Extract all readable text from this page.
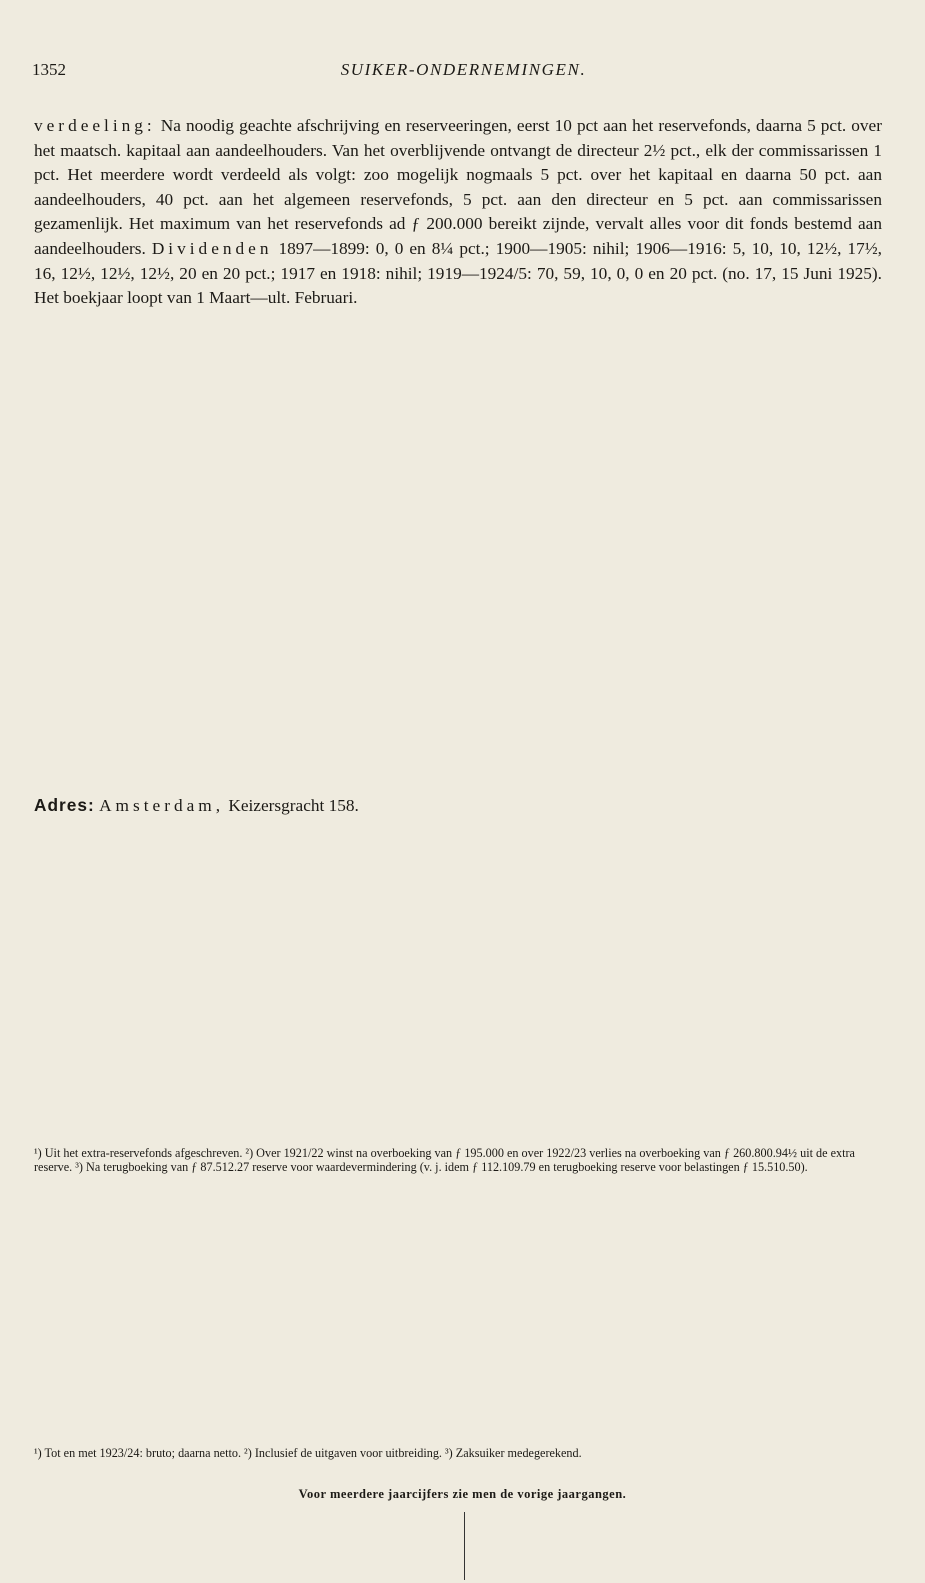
1352	SUIKER-ONDERNEMINGEN.
verdeeling: Na noodig geachte afschrijving en reserveeringen, eerst 10 pct aan het reservefonds, daarna 5 pct. over het maatsch. kapitaal aan aandeelhouders. Van het overblijvende ontvangt de directeur 2½ pct., elk der commissarissen 1 pct. Het meerdere wordt verdeeld als volgt: zoo mogelijk nogmaals 5 pct. over het kapitaal en daarna 50 pct. aan aandeelhouders, 40 pct. aan het algemeen reservefonds, 5 pct. aan den directeur en 5 pct. aan commissarissen gezamenlijk. Het maximum van het reservefonds ad ƒ 200.000 bereikt zijnde, vervalt alles voor dit fonds bestemd aan aandeelhouders. Dividenden 1897—1899: 0, 0 en 8¼ pct.; 1900—1905: nihil; 1906—1916: 5, 10, 10, 12½, 17½, 16, 12½, 12½, 12½, 20 en 20 pct.; 1917 en 1918: nihil; 1919—1924/5: 70, 59, 10, 0, 0 en 20 pct. (no. 17, 15 Juni 1925). Het boekjaar loopt van 1 Maart—ult. Februari.
Adres: Amsterdam, Keizersgracht 158.

¹) Uit het extra-reservefonds afgeschreven. ²) Over 1921/22 winst na overboeking van ƒ 195.000 en over 1922/23 verlies na overboeking van ƒ 260.800.94½ uit de extra reserve. ³) Na terugboeking van ƒ 87.512.27 reserve voor waardevermindering (v. j. idem ƒ 112.109.79 en terugboeking reserve voor belastingen ƒ 15.510.50).

¹) Tot en met 1923/24: bruto; daarna netto. ²) Inclusief de uitgaven voor uitbreiding. ³) Zaksuiker medegerekend.
Voor meerdere jaarcijfers zie men de vorige jaargangen.
